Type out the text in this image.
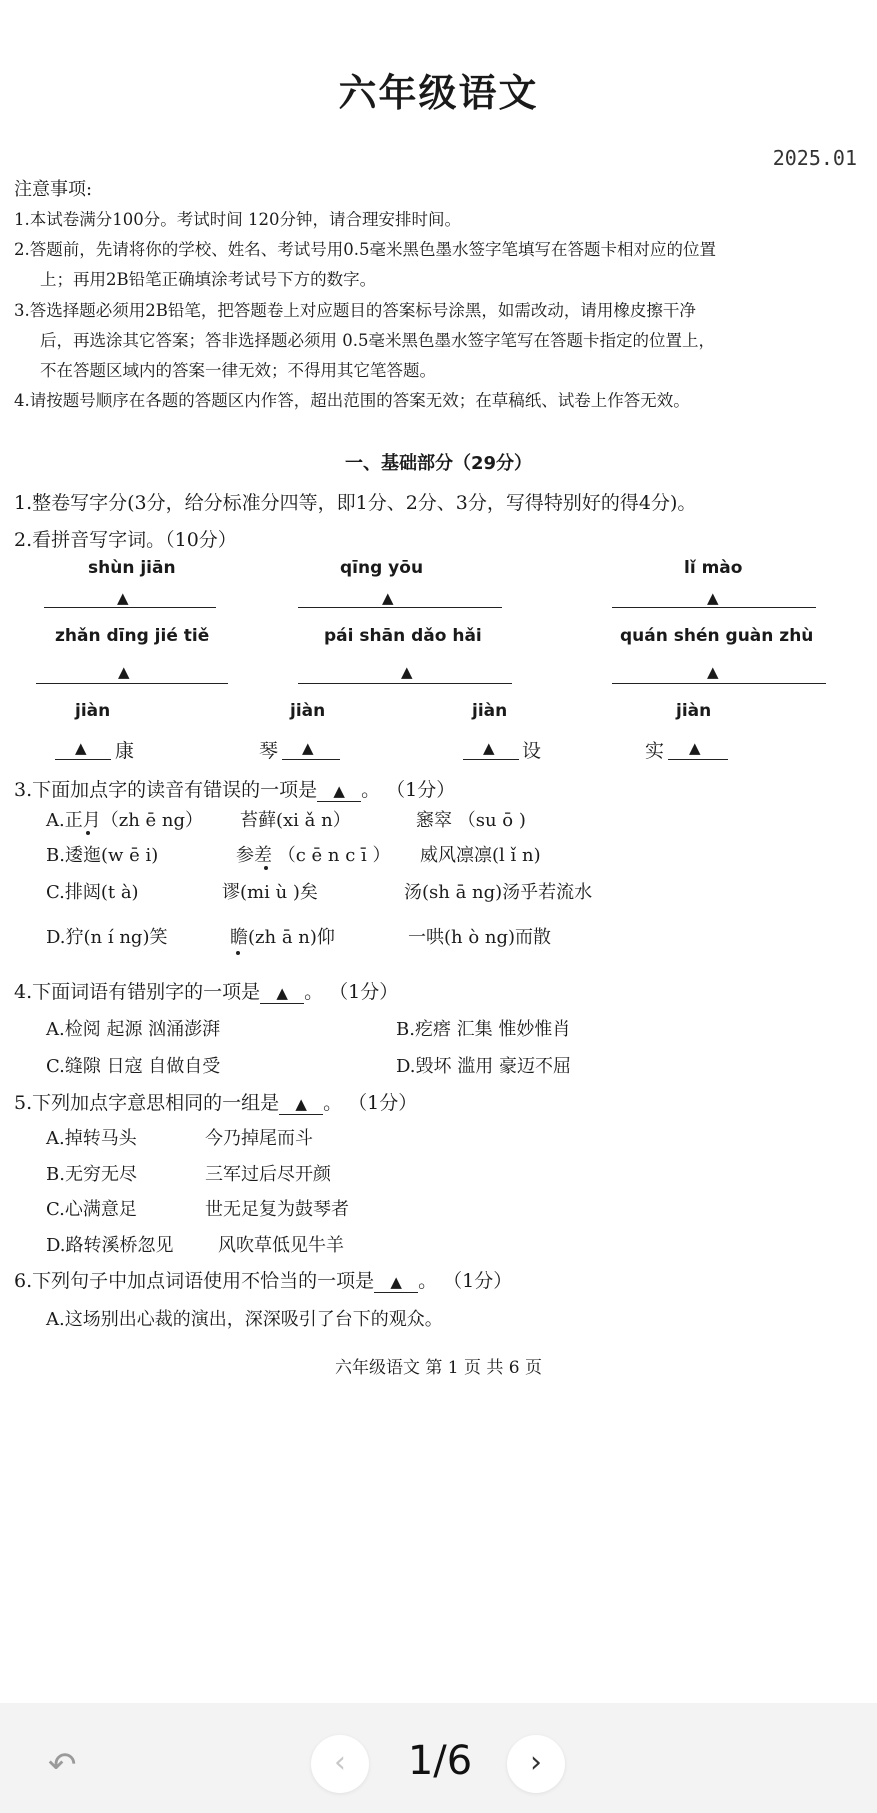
六年级语文
2025.01
注意事项:
1.本试卷满分100分。考试时间 120分钟，请合理安排时间。
2.答题前，先请将你的学校、姓名、考试号用0.5毫米黑色墨水签字笔填写在答题卡相对应的位置
上；再用2B铅笔正确填涂考试号下方的数字。
3.答选择题必须用2B铅笔，把答题卷上对应题目的答案标号涂黑，如需改动，请用橡皮擦干净
后，再选涂其它答案；答非选择题必须用 0.5毫米黑色墨水签字笔写在答题卡指定的位置上，
不在答题区域内的答案一律无效；不得用其它笔答题。
4.请按题号顺序在各题的答题区内作答，超出范围的答案无效；在草稿纸、试卷上作答无效。
一、基础部分（29分）
1.整卷写字分(3分，给分标准分四等，即1分、2分、3分，写得特别好的得4分)。
2.看拼音写字词。（10分）
shùn jiān	qīng yōu	lǐ mào
▲	▲	▲
zhǎn dīng jié tiě	pái shān dǎo hǎi	quán shén guàn zhù
▲	▲	▲
jiàn	jiàn	jiàn	jiàn
▲ 康	琴 ▲	▲ 设	实 ▲
3.下面加点字的读音有错误的一项是 ▲ 。 （1分）
A.正月（zh ē ng） 苔藓(xi ǎ n）	窸窣 （su ō )
B.逶迤(w ē i)	参差 （c ē n c ī ） 威风凛凛(l ǐ n)
C.排闼(t à)	谬(mi ù )矣	汤(sh ā ng)汤乎若流水
D.狞(n í ng)笑	瞻(zh ā n)仰	一哄(h ò ng)而散
4.下面词语有错别字的一项是 ▲ 。 （1分）
A.检阅 起源 汹涌澎湃	B.疙瘩 汇集 惟妙惟肖
C.缝隙 日寇 自做自受	D.毁坏 滥用 豪迈不屈
5.下列加点字意思相同的一组是 ▲ 。 （1分）
A.掉转马头	今乃掉尾而斗
B.无穷无尽	三军过后尽开颜
C.心满意足	世无足复为鼓琴者
D.路转溪桥忽见 风吹草低见牛羊
6.下列句子中加点词语使用不恰当的一项是 ▲ 。 （1分）
A.这场别出心裁的演出，深深吸引了台下的观众。
六年级语文 第 1 页 共 6 页
↶	‹	1/6	›
